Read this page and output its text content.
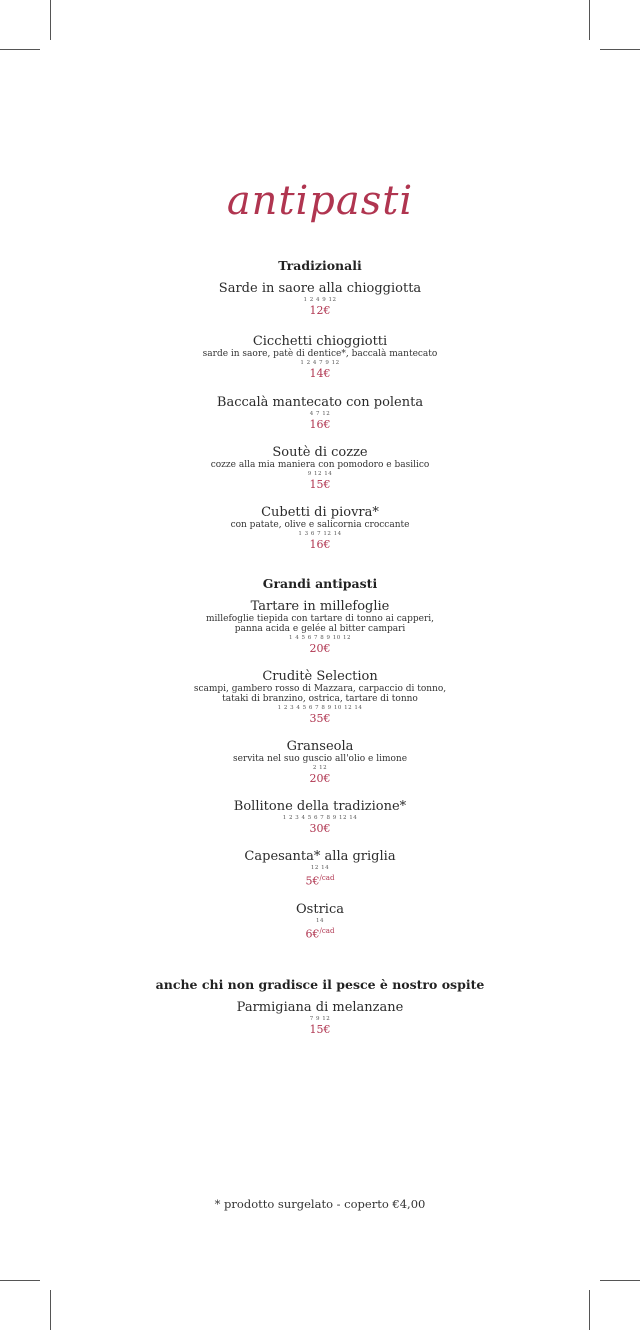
antipasti
Tradizionali
Sarde in saore alla chioggiotta
1 2 4 9 12
12€
Cicchetti chioggiotti
sarde in saore, patè di dentice*, baccalà mantecato
1 2 4 7 9 12
14€
Baccalà mantecato con polenta
4 7 12
16€
Soutè di cozze
cozze alla mia maniera con pomodoro e basilico
9 12 14
15€
Cubetti di piovra*
con patate, olive e salicornia croccante
1 3 6 7 12 14
16€
Grandi antipasti
Tartare in millefoglie
millefoglie tiepida con tartare di tonno ai capperi,
panna acida e gelée al bitter campari
1 4 5 6 7 8 9 10 12
20€
Cruditè Selection
scampi, gambero rosso di Mazzara, carpaccio di tonno,
tataki di branzino, ostrica, tartare di tonno
1 2 3 4 5 6 7 8 9 10 12 14
35€
Granseola
servita nel suo guscio all'olio e limone
2 12
20€
Bollitone della tradizione*
1 2 3 4 5 6 7 8 9 12 14
30€
Capesanta* alla griglia
12 14
5€$^{/cad}$
Ostrica
14
6€$^{/cad}$
anche chi non gradisce il pesce è nostro ospite
Parmigiana di melanzane
7 9 12
15€
* prodotto surgelato - coperto €4,00
